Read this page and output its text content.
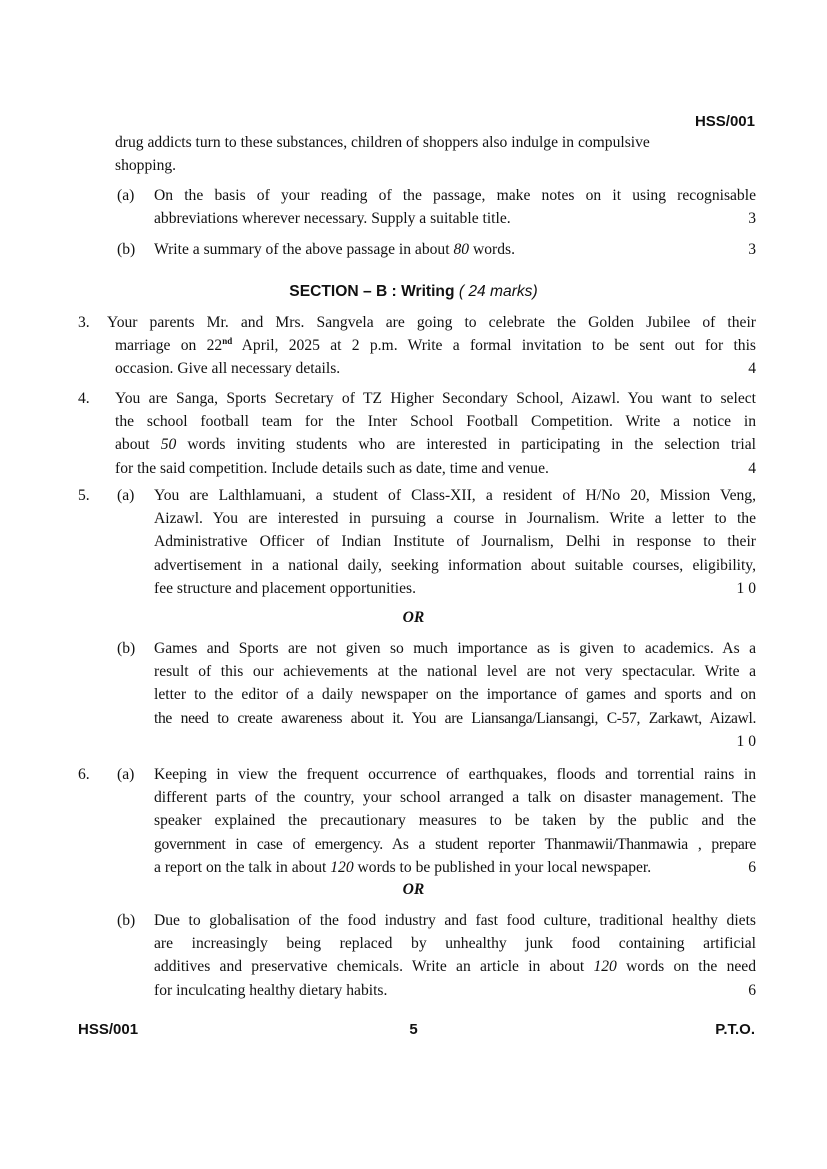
HSS/001
drug addicts turn to these substances, children of shoppers also indulge in compulsive
shopping.
(a) On the basis of your reading of the passage, make notes on it using recognisable
abbreviations wherever necessary. Supply a suitable title.	3
(b) Write a summary of the above passage in about 80 words.	3
SECTION – B : Writing ( 24 marks)
3. Your parents Mr. and Mrs. Sangvela are going to celebrate the Golden Jubilee of their
marriage on 22nd April, 2025 at 2 p.m. Write a formal invitation to be sent out for this
occasion. Give all necessary details.	4
4. You are Sanga, Sports Secretary of TZ Higher Secondary School, Aizawl. You want to select
the school football team for the Inter School Football Competition. Write a notice in
about 50 words inviting students who are interested in participating in the selection trial
for the said competition. Include details such as date, time and venue.	4
5. (a) You are Lalthlamuani, a student of Class-XII, a resident of H/No 20, Mission Veng,
Aizawl. You are interested in pursuing a course in Journalism. Write a letter to the
Administrative Officer of Indian Institute of Journalism, Delhi in response to their
advertisement in a national daily, seeking information about suitable courses, eligibility,
fee structure and placement opportunities.	1 0
OR
(b) Games and Sports are not given so much importance as is given to academics. As a
result of this our achievements at the national level are not very spectacular. Write a
letter to the editor of a daily newspaper on the importance of games and sports and on
the need to create awareness about it. You are Liansanga/Liansangi, C-57, Zarkawt, Aizawl.
1 0
6. (a) Keeping in view the frequent occurrence of earthquakes, floods and torrential rains in
different parts of the country, your school arranged a talk on disaster management. The
speaker explained the precautionary measures to be taken by the public and the
government in case of emergency. As a student reporter Thanmawii/Thanmawia , prepare
a report on the talk in about 120 words to be published in your local newspaper.	6
OR
(b) Due to globalisation of the food industry and fast food culture, traditional healthy diets
are increasingly being replaced by unhealthy junk food containing artificial
additives and preservative chemicals. Write an article in about 120 words on the need
for inculcating healthy dietary habits.	6
HSS/001	5	P.T.O.
